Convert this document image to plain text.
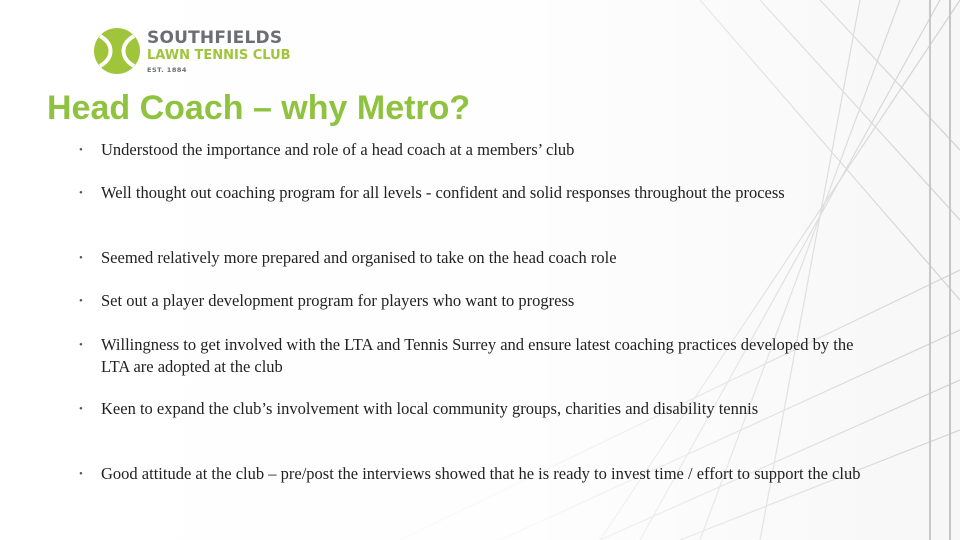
SOUTHFIELDS
LAWN TENNIS CLUB
EST. 1884
Head Coach – why Metro?
• Understood the importance and role of a head coach at a members’ club
• Well thought out coaching program for all levels - confident and solid responses throughout the process
• Seemed relatively more prepared and organised to take on the head coach role
• Set out a player development program for players who want to progress
• Willingness to get involved with the LTA and Tennis Surrey and ensure latest coaching practices developed by the LTA are adopted at the club
• Keen to expand the club’s involvement with local community groups, charities and disability tennis
• Good attitude at the club – pre/post the interviews showed that he is ready to invest time / effort to support the club
